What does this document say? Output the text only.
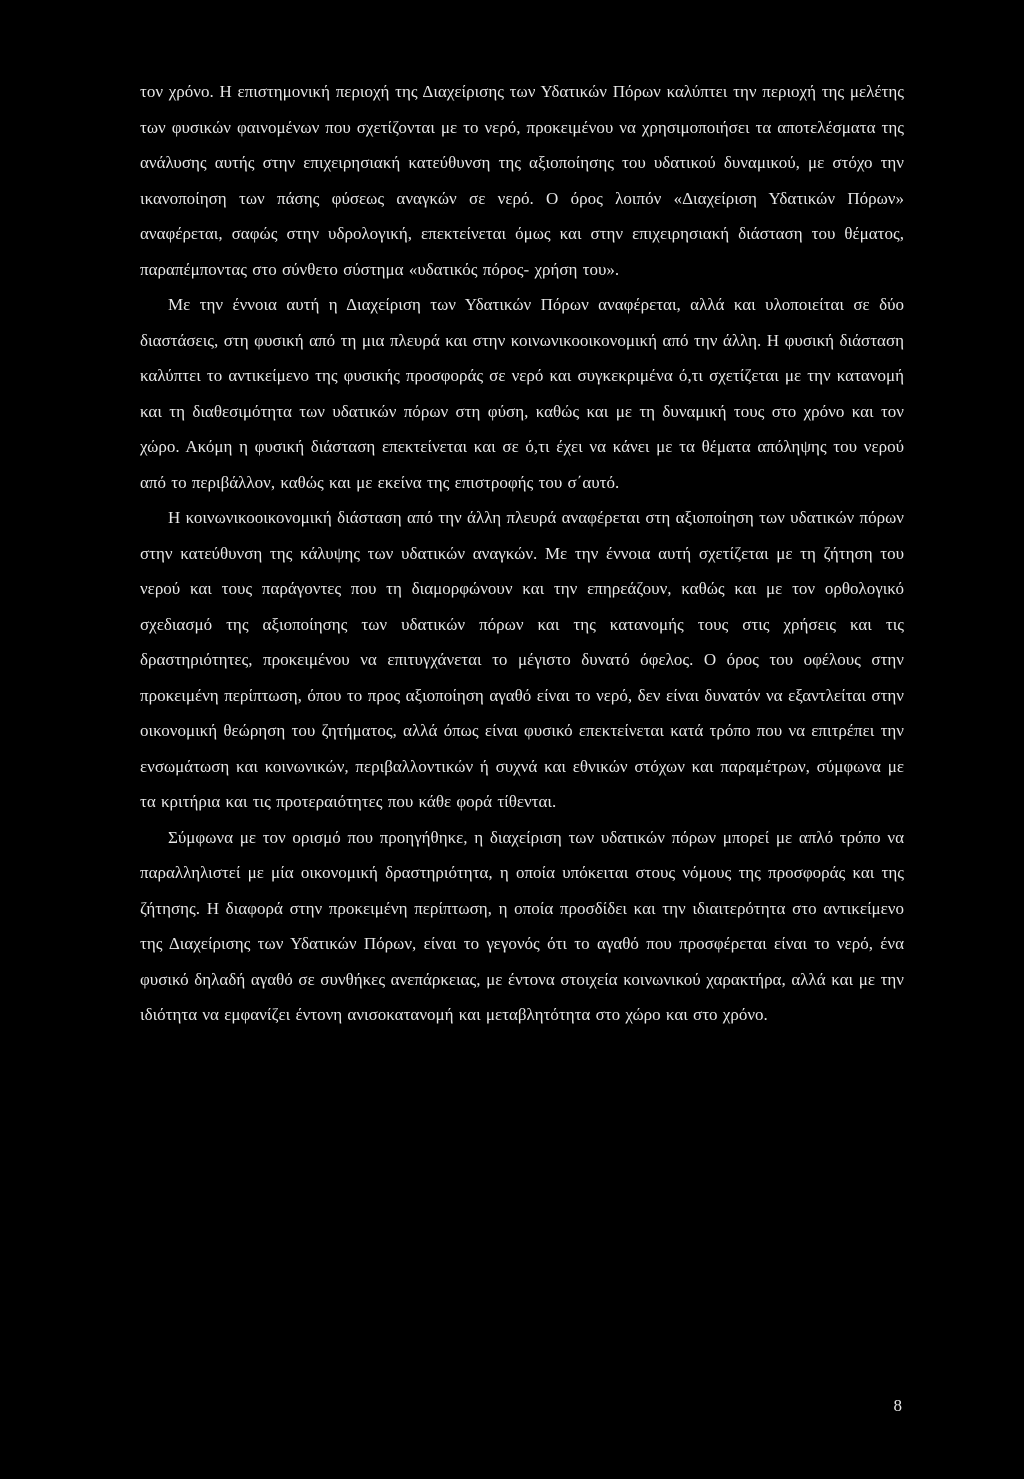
τον χρόνο. Η επιστημονική περιοχή της Διαχείρισης των Υδατικών Πόρων καλύπτει την περιοχή της μελέτης των φυσικών φαινομένων που σχετίζονται με το νερό, προκειμένου να χρησιμοποιήσει τα αποτελέσματα της ανάλυσης αυτής στην επιχειρησιακή κατεύθυνση της αξιοποίησης του υδατικού δυναμικού, με στόχο την ικανοποίηση των πάσης φύσεως αναγκών σε νερό. Ο όρος λοιπόν «Διαχείριση Υδατικών Πόρων» αναφέρεται, σαφώς στην υδρολογική, επεκτείνεται όμως και στην επιχειρησιακή διάσταση του θέματος, παραπέμποντας στο σύνθετο σύστημα «υδατικός πόρος- χρήση του».

Με την έννοια αυτή η Διαχείριση των Υδατικών Πόρων αναφέρεται, αλλά και υλοποιείται σε δύο διαστάσεις, στη φυσική από τη μια πλευρά και στην κοινωνικοοικονομική από την άλλη. Η φυσική διάσταση καλύπτει το αντικείμενο της φυσικής προσφοράς σε νερό και συγκεκριμένα ό,τι σχετίζεται με την κατανομή και τη διαθεσιμότητα των υδατικών πόρων στη φύση, καθώς και με τη δυναμική τους στο χρόνο και τον χώρο. Ακόμη η φυσική διάσταση επεκτείνεται και σε ό,τι έχει να κάνει με τα θέματα απόληψης του νερού από το περιβάλλον, καθώς και με εκείνα της επιστροφής του σ΄αυτό.

Η κοινωνικοοικονομική διάσταση από την άλλη πλευρά αναφέρεται στη αξιοποίηση των υδατικών πόρων στην κατεύθυνση της κάλυψης των υδατικών αναγκών. Με την έννοια αυτή σχετίζεται με τη ζήτηση του νερού και τους παράγοντες που τη διαμορφώνουν και την επηρεάζουν, καθώς και με τον ορθολογικό σχεδιασμό της αξιοποίησης των υδατικών πόρων και της κατανομής τους στις χρήσεις και τις δραστηριότητες, προκειμένου να επιτυγχάνεται το μέγιστο δυνατό όφελος. Ο όρος του οφέλους στην προκειμένη περίπτωση, όπου το προς αξιοποίηση αγαθό είναι το νερό, δεν είναι δυνατόν να εξαντλείται στην οικονομική θεώρηση του ζητήματος, αλλά όπως είναι φυσικό επεκτείνεται κατά τρόπο που να επιτρέπει την ενσωμάτωση και κοινωνικών, περιβαλλοντικών ή συχνά και εθνικών στόχων και παραμέτρων, σύμφωνα με τα κριτήρια και τις προτεραιότητες που κάθε φορά τίθενται.

Σύμφωνα με τον ορισμό που προηγήθηκε, η διαχείριση των υδατικών πόρων μπορεί με απλό τρόπο να παραλληλιστεί με μία οικονομική δραστηριότητα, η οποία υπόκειται στους νόμους της προσφοράς και της ζήτησης. Η διαφορά στην προκειμένη περίπτωση, η οποία προσδίδει και την ιδιαιτερότητα στο αντικείμενο της Διαχείρισης των Υδατικών Πόρων, είναι το γεγονός ότι το αγαθό που προσφέρεται είναι το νερό, ένα φυσικό δηλαδή αγαθό σε συνθήκες ανεπάρκειας, με έντονα στοιχεία κοινωνικού χαρακτήρα, αλλά και με την ιδιότητα να εμφανίζει έντονη ανισοκατανομή και μεταβλητότητα στο χώρο και στο χρόνο.

8
